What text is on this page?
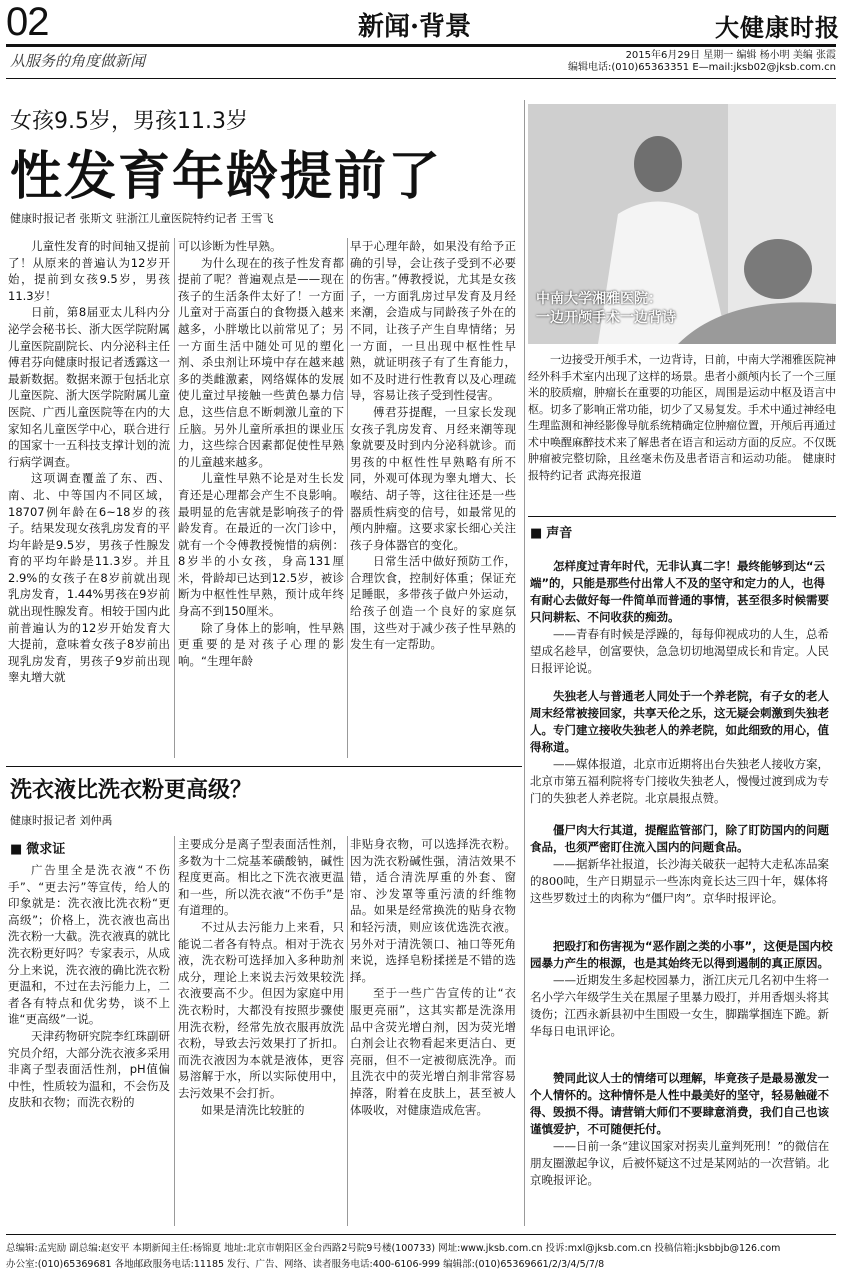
02	新闻·背景	大健康时报
从服务的角度做新闻	2015年6月29日 星期一 编辑 杨小明 美编 张霞
编辑电话:(010)65363351 E—mail:jksb02@jksb.com.cn
女孩9.5岁，男孩11.3岁
性发育年龄提前了
健康时报记者 张斯文 驻浙江儿童医院特约记者 王雪飞

儿童性发育的时间轴又提前了！从原来的普遍认为12岁开始，提前到女孩9.5岁，男孩11.3岁！

日前，第8届亚太儿科内分泌学会秘书长、浙大医学院附属儿童医院副院长、内分泌科主任傅君芬向健康时报记者透露这一最新数据。数据来源于包括北京儿童医院、浙大医学院附属儿童医院、广西儿童医院等在内的大家知名儿童医学中心，联合进行的国家十一五科技支撑计划的流行病学调查。

这项调查覆盖了东、西、南、北、中等国内不同区域，18707例年龄在6~18岁的孩子。结果发现女孩乳房发育的平均年龄是9.5岁，男孩子性腺发育的平均年龄是11.3岁。并且2.9%的女孩子在8岁前就出现乳房发育，1.44%男孩在9岁前就出现性腺发育。相较于国内此前普遍认为的12岁开始发育大大提前，意味着女孩子8岁前出现乳房发育，男孩子9岁前出现睾丸增大就

可以诊断为性早熟。

为什么现在的孩子性发育都提前了呢？普遍观点是——现在孩子的生活条件太好了！一方面儿童对于高蛋白的食物摄入越来越多，小胖墩比以前常见了；另一方面生活中随处可见的塑化剂、杀虫剂让环境中存在越来越多的类雌激素，网络媒体的发展使儿童过早接触一些黄色暴力信息，这些信息不断刺激儿童的下丘脑。另外儿童所承担的课业压力，这些综合因素都促使性早熟的儿童越来越多。

儿童性早熟不论是对生长发育还是心理都会产生不良影响。最明显的危害就是影响孩子的骨龄发育。在最近的一次门诊中，就有一个令傅教授惋惜的病例：8岁半的小女孩，身高131厘米，骨龄却已达到12.5岁，被诊断为中枢性性早熟，预计成年终身高不到150厘米。

除了身体上的影响，性早熟更重要的是对孩子心理的影响。“生理年龄

早于心理年龄，如果没有给予正确的引导，会让孩子受到不必要的伤害。”傅教授说，尤其是女孩子，一方面乳房过早发育及月经来潮，会造成与同龄孩子外在的不同，让孩子产生自卑情绪；另一方面，一旦出现中枢性性早熟，就证明孩子有了生育能力，如不及时进行性教育以及心理疏导，容易让孩子受到性侵害。

傅君芬提醒，一旦家长发现女孩子乳房发育、月经来潮等现象就要及时到内分泌科就诊。而男孩的中枢性性早熟略有所不同，外观可体现为睾丸增大、长喉结、胡子等，这往往还是一些器质性病变的信号，如最常见的颅内肿瘤。这要求家长细心关注孩子身体器官的变化。

日常生活中做好预防工作，合理饮食，控制好体重；保证充足睡眠，多带孩子做户外运动，给孩子创造一个良好的家庭氛围，这些对于减少孩子性早熟的发生有一定帮助。

中南大学湘雅医院：
一边开颅手术一边背诗

一边接受开颅手术，一边背诗，日前，中南大学湘雅医院神经外科手术室内出现了这样的场景。患者小颜颅内长了一个三厘米的胶质瘤，肿瘤长在重要的功能区，周围是运动中枢及语言中枢。切多了影响正常功能，切少了又易复发。手术中通过神经电生理监测和神经影像导航系统精确定位肿瘤位置，开颅后再通过术中唤醒麻醉技术来了解患者在语言和运动方面的反应。不仅既肿瘤被完整切除，且丝毫未伤及患者语言和运动功能。 健康时报特约记者 武海亮报道

■ 声音

怎样度过青年时代，无非认真二字！最终能够到达“云端”的，只能是那些付出常人不及的坚守和定力的人，也得有耐心去做好每一件简单而普通的事情，甚至很多时候需要只问耕耘、不问收获的痴劲。

——青春有时候是浮躁的，每每仰视成功的人生，总希望成名趁早，创富要快，急急切切地渴望成长和肯定。人民日报评论说。

失独老人与普通老人同处于一个养老院，有子女的老人周末经常被接回家，共享天伦之乐，这无疑会刺激到失独老人。专门建立接收失独老人的养老院，如此细致的用心，值得称道。

——媒体报道，北京市近期将出台失独老人接收方案，北京市第五福利院将专门接收失独老人，慢慢过渡到成为专门的失独老人养老院。北京晨报点赞。

僵尸肉大行其道，提醒监管部门，除了盯防国内的问题食品，也须严密盯住流入国内的问题食品。

——据新华社报道，长沙海关破获一起特大走私冻品案的800吨，生产日期显示一些冻肉竟长达三四十年，媒体将这些罗数过土的肉称为“僵尸肉”。京华时报评论。

把殴打和伤害视为“恶作剧之类的小事”，这便是国内校园暴力产生的根源，也是其始终无以得到遏制的真正原因。

——近期发生多起校园暴力，浙江庆元几名初中生将一名小学六年级学生关在黑屋子里暴力殴打，并用香烟头将其烫伤；江西永新县初中生围殴一女生，脚踹掌掴连下跪。新华每日电讯评论。

赞同此议人士的情绪可以理解，毕竟孩子是最易激发一个人情怀的。这种情怀是人性中最美好的坚守，轻易触碰不得、毁损不得。请营销大师们不要肆意消费，我们自己也该谨慎爱护，不可随便托付。

——日前一条“建议国家对拐卖儿童判死刑！”的微信在朋友圈激起争议，后被怀疑这不过是某网站的一次营销。北京晚报评论。

洗衣液比洗衣粉更高级？
健康时报记者 刘仲禹
■ 微求证

广告里全是洗衣液“不伤手”、“更去污”等宣传，给人的印象就是：洗衣液比洗衣粉“更高级”；价格上，洗衣液也高出洗衣粉一大截。洗衣液真的就比洗衣粉更好吗？专家表示，从成分上来说，洗衣液的确比洗衣粉更温和，不过在去污能力上，二者各有特点和优劣势，谈不上谁“更高级”一说。

天津药物研究院李红珠副研究员介绍，大部分洗衣液多采用非离子型表面活性剂，pH值偏中性，性质较为温和，不会伤及皮肤和衣物；而洗衣粉的

主要成分是离子型表面活性剂，多数为十二烷基苯磺酸钠，碱性程度更高。相比之下洗衣液更温和一些，所以洗衣液“不伤手”是有道理的。

不过从去污能力上来看，只能说二者各有特点。相对于洗衣液，洗衣粉可选择加入多种助剂成分，理论上来说去污效果较洗衣液要高不少。但因为家庭中用洗衣粉时，大都没有按照步骤使用洗衣粉，经常先放衣服再放洗衣粉，导致去污效果打了折扣。而洗衣液因为本就是液体，更容易溶解于水，所以实际使用中，去污效果不会打折。

如果是清洗比较脏的

非贴身衣物，可以选择洗衣粉。因为洗衣粉碱性强，清洁效果不错，适合清洗厚重的外套、窗帘、沙发罩等重污渍的纤维物品。如果是经常换洗的贴身衣物和轻污渍，则应该优选洗衣液。另外对于清洗领口、袖口等死角来说，选择皂粉揉搓是不错的选择。

至于一些广告宣传的让“衣服更亮丽”，这其实都是洗涤用品中含荧光增白剂，因为荧光增白剂会让衣物看起来更洁白、更亮丽，但不一定被彻底洗净。而且洗衣中的荧光增白剂非常容易掉落，附着在皮肤上，甚至被人体吸收，对健康造成危害。

总编辑:孟宪励 副总编:赵安平 本期新闻主任:杨锦夏 地址:北京市朝阳区金台西路2号院9号楼(100733) 网址:www.jksb.com.cn 投诉:mxl@jksb.com.cn 投稿信箱:jksbbjb@126.com
办公室:(010)65369681 各地邮政服务电话:11185 发行、广告、网络、读者服务电话:400-6106-999 编辑部:(010)65369661/2/3/4/5/7/8
